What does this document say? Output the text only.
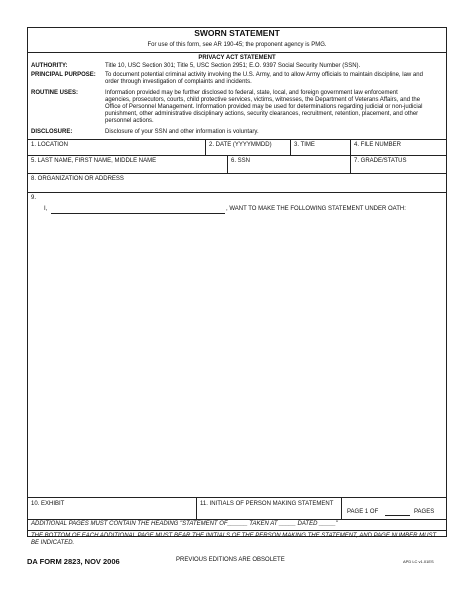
SWORN STATEMENT
For use of this form, see AR 190-45; the proponent agency is PMG.
PRIVACY ACT STATEMENT
AUTHORITY:	Title 10, USC Section 301; Title 5, USC Section 2951; E.O. 9397 Social Security Number (SSN).
PRINCIPAL PURPOSE: To document potential criminal activity involving the U.S. Army, and to allow Army officials to maintain discipline, law and order through investigation of complaints and incidents.
ROUTINE USES:	Information provided may be further disclosed to federal, state, local, and foreign government law enforcement agencies, prosecutors, courts, child protective services, victims, witnesses, the Department of Veterans Affairs, and the Office of Personnel Management. Information provided may be used for determinations regarding judicial or non-judicial punishment, other administrative disciplinary actions, security clearances, recruitment, retention, placement, and other personnel actions.
DISCLOSURE:	Disclosure of your SSN and other information is voluntary.
1. LOCATION	2. DATE (YYYYMMDD)	3. TIME	4. FILE NUMBER
5. LAST NAME, FIRST NAME, MIDDLE NAME	6. SSN	7. GRADE/STATUS
8. ORGANIZATION OR ADDRESS
9.
I,	, WANT TO MAKE THE FOLLOWING STATEMENT UNDER OATH:
10. EXHIBIT	11. INITIALS OF PERSON MAKING STATEMENT
PAGE 1 OF	PAGES
ADDITIONAL PAGES MUST CONTAIN THE HEADING "STATEMENT OF______ TAKEN AT _____ DATED _____"
THE BOTTOM OF EACH ADDITIONAL PAGE MUST BEAR THE INITIALS OF THE PERSON MAKING THE STATEMENT, AND PAGE NUMBER MUST BE INDICATED.
DA FORM 2823, NOV 2006	PREVIOUS EDITIONS ARE OBSOLETE	APD LC v1.01ES
